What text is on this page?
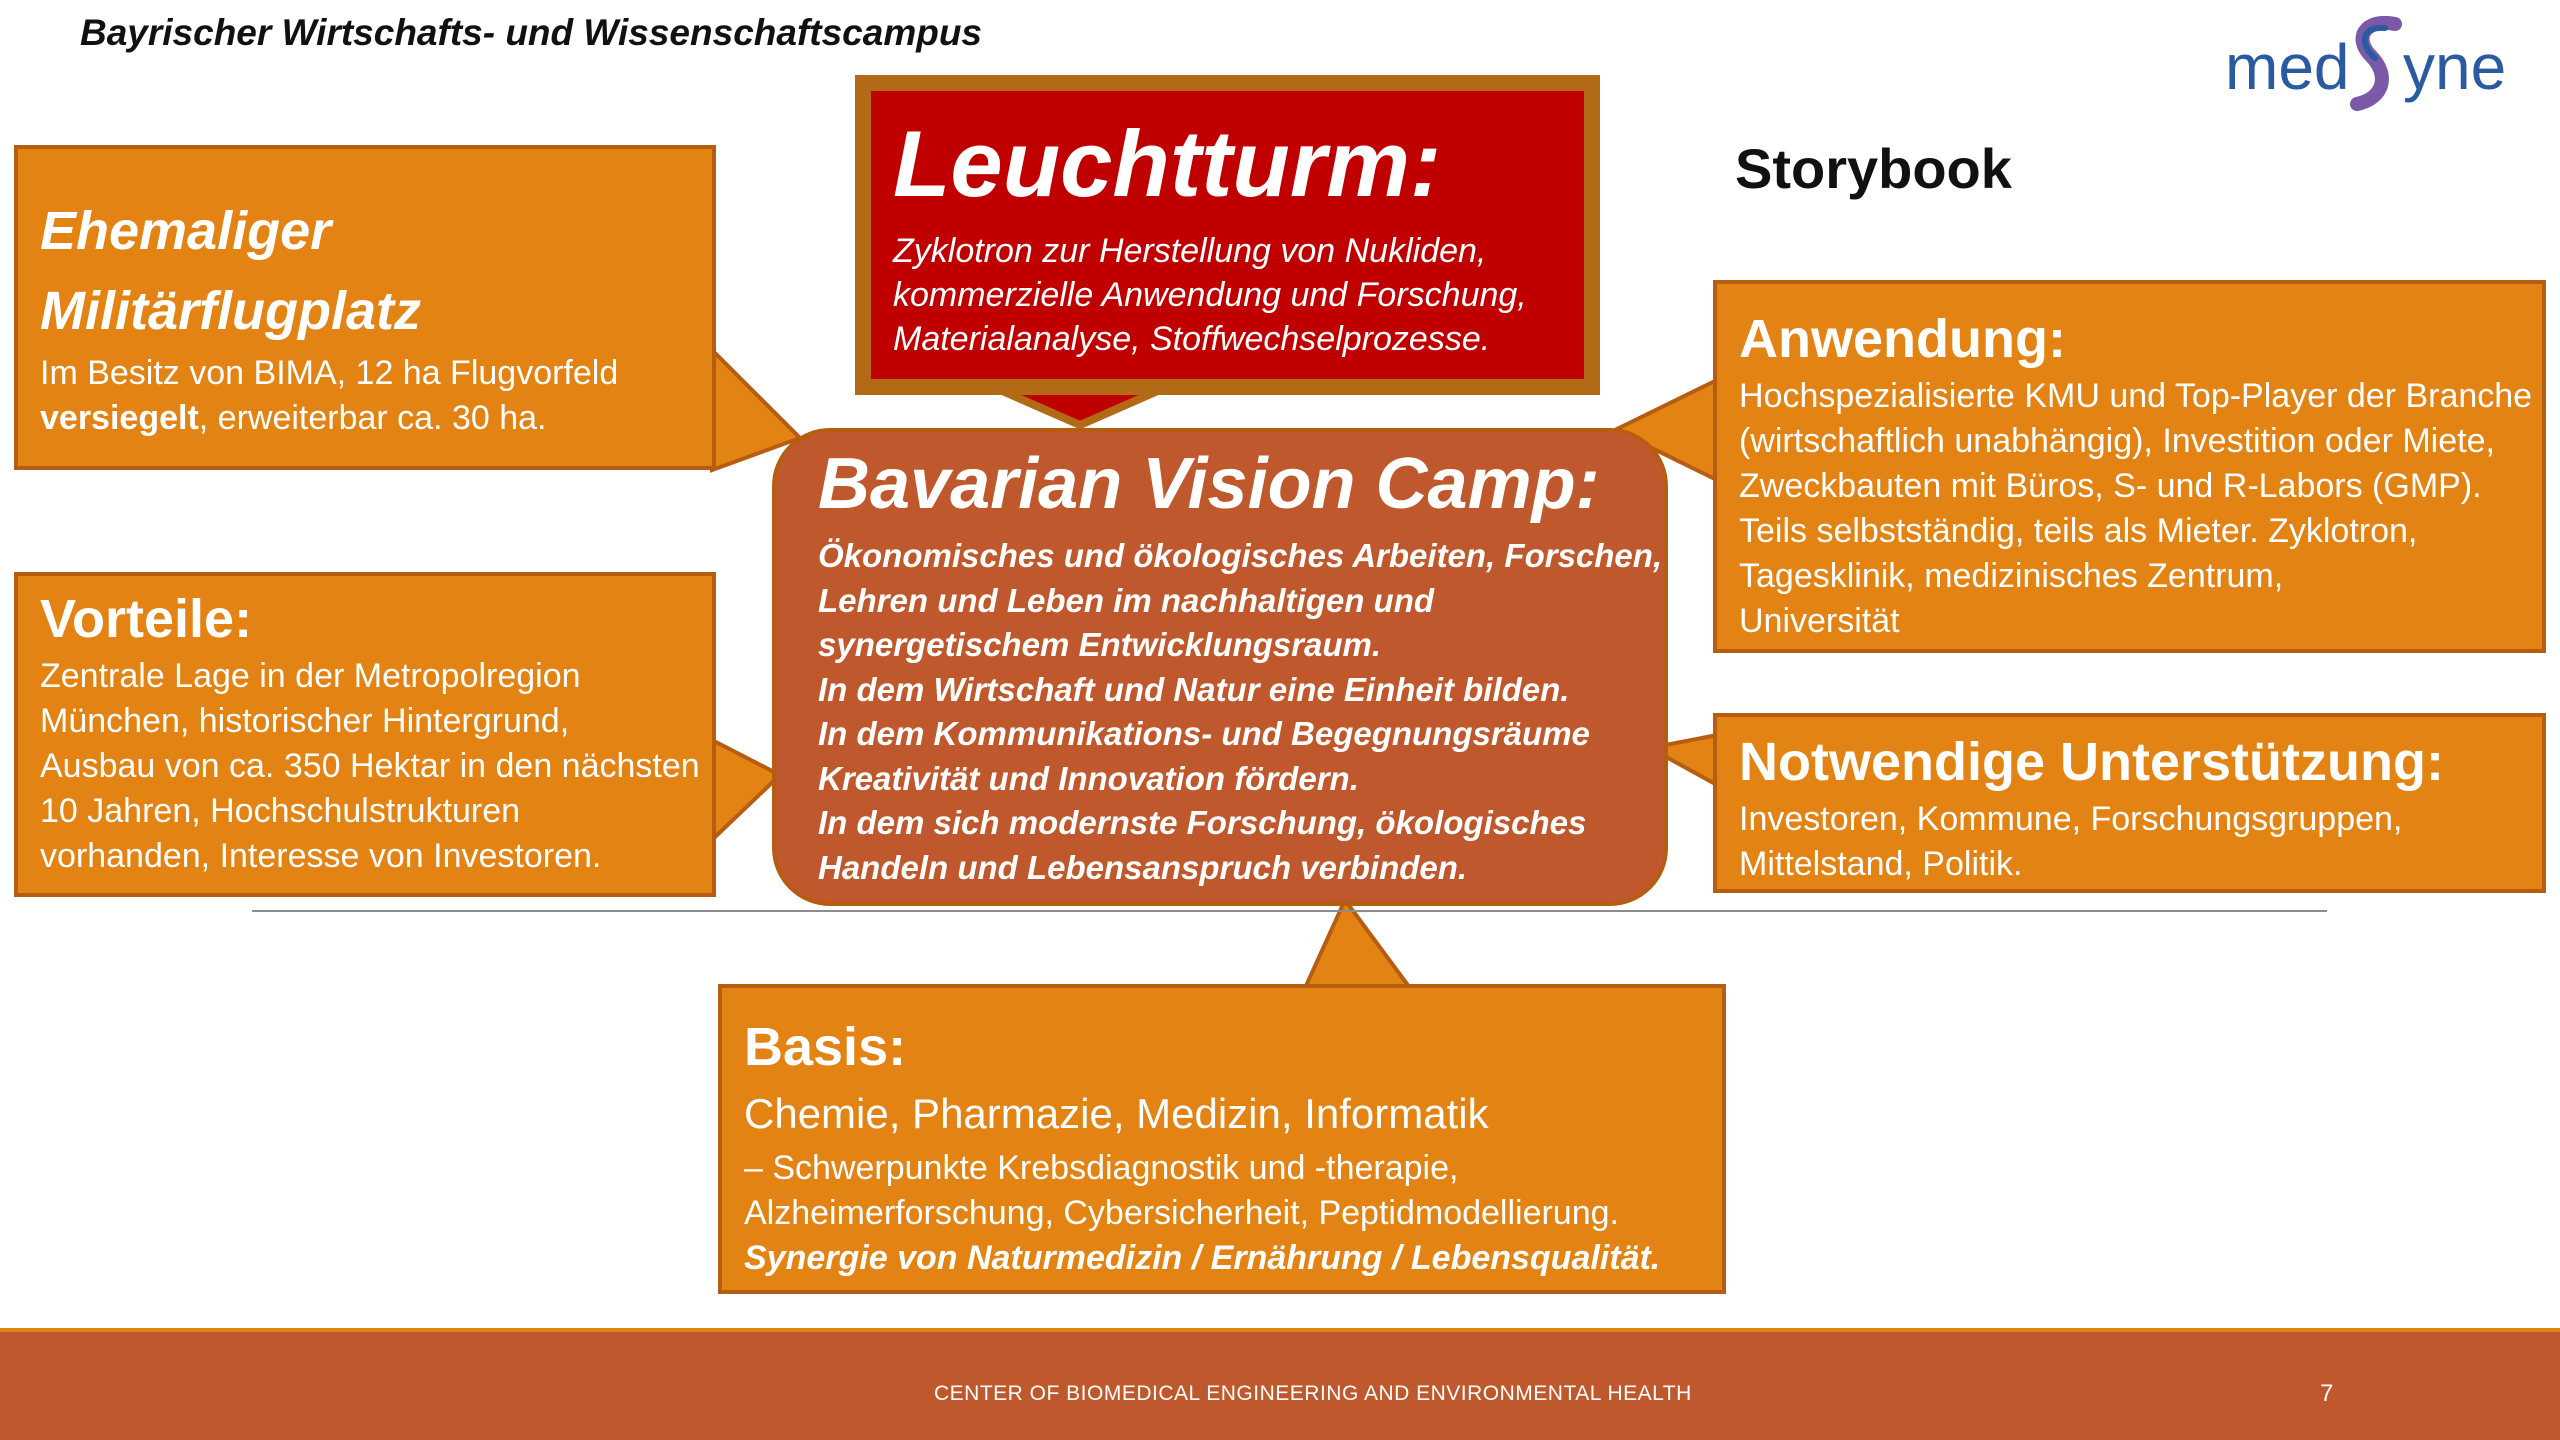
Bayrischer Wirtschafts- und Wissenschaftscampus	med yne
Storybook
Leuchtturm:
Zyklotron zur Herstellung von Nukliden,
kommerzielle Anwendung und Forschung,
Materialanalyse, Stoffwechselprozesse.
Ehemaliger
Militärflugplatz
Im Besitz von BIMA, 12 ha Flugvorfeld
versiegelt, erweiterbar ca. 30 ha.
Vorteile:
Zentrale Lage in der Metropolregion
München, historischer Hintergrund,
Ausbau von ca. 350 Hektar in den nächsten
10 Jahren, Hochschulstrukturen
vorhanden, Interesse von Investoren.
Bavarian Vision Camp:
Ökonomisches und ökologisches Arbeiten, Forschen,
Lehren und Leben im nachhaltigen und
synergetischem Entwicklungsraum.
In dem Wirtschaft und Natur eine Einheit bilden.
In dem Kommunikations- und Begegnungsräume
Kreativität und Innovation fördern.
In dem sich modernste Forschung, ökologisches
Handeln und Lebensanspruch verbinden.
Anwendung:
Hochspezialisierte KMU und Top-Player der Branche
(wirtschaftlich unabhängig), Investition oder Miete,
Zweckbauten mit Büros, S- und R-Labors (GMP).
Teils selbstständig, teils als Mieter. Zyklotron,
Tagesklinik, medizinisches Zentrum,
Universität
Notwendige Unterstützung:
Investoren, Kommune, Forschungsgruppen,
Mittelstand, Politik.
Basis:
Chemie, Pharmazie, Medizin, Informatik
– Schwerpunkte Krebsdiagnostik und -therapie,
Alzheimerforschung, Cybersicherheit, Peptidmodellierung.
Synergie von Naturmedizin / Ernährung / Lebensqualität.
CENTER OF BIOMEDICAL ENGINEERING AND ENVIRONMENTAL HEALTH	7
